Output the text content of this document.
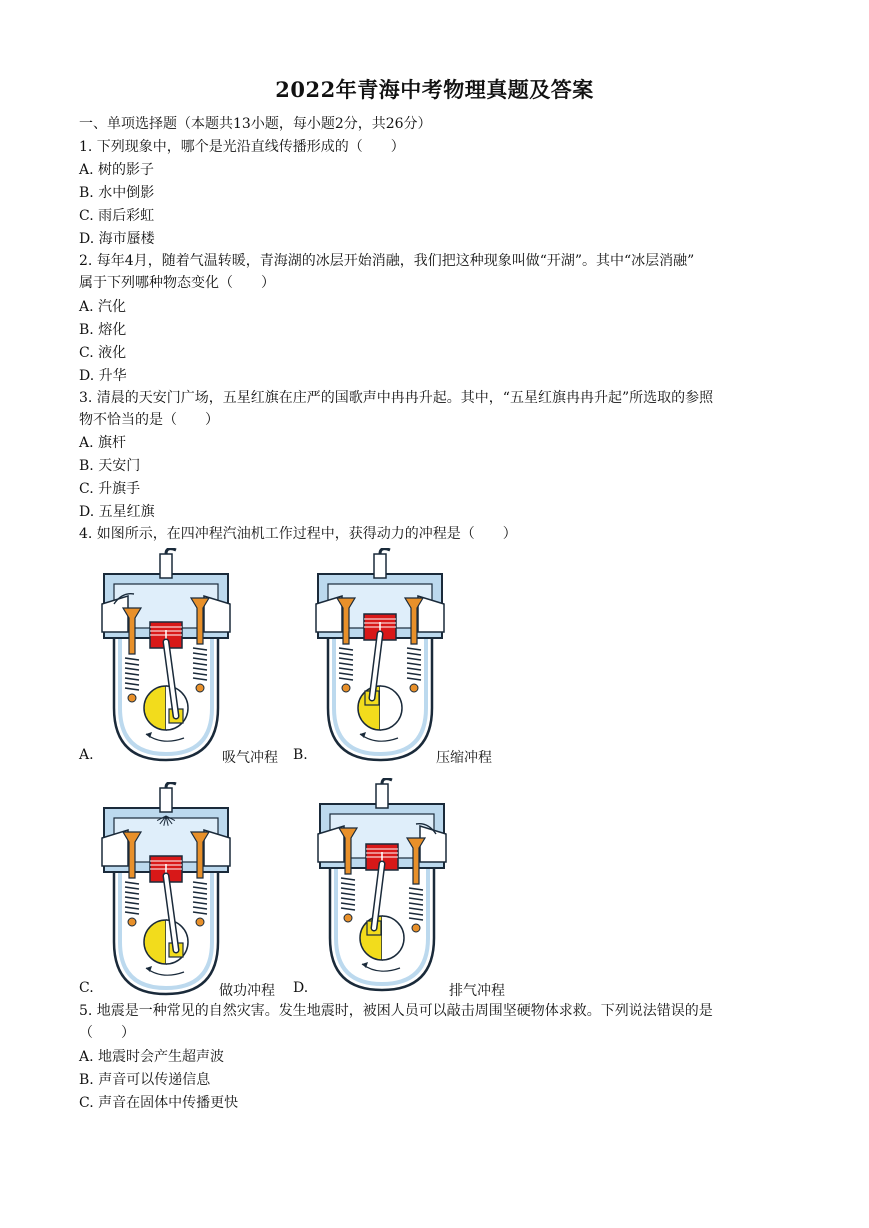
2022年青海中考物理真题及答案
一、单项选择题（本题共13小题，每小题2分，共26分）
1. 下列现象中，哪个是光沿直线传播形成的（　　）
A. 树的影子
B. 水中倒影
C. 雨后彩虹
D. 海市蜃楼
2. 每年4月，随着气温转暖，青海湖的冰层开始消融，我们把这种现象叫做“开湖”。其中“冰层消融”
属于下列哪种物态变化（　　）
A. 汽化
B. 熔化
C. 液化
D. 升华
3. 清晨的天安门广场，五星红旗在庄严的国歌声中冉冉升起。其中，“五星红旗冉冉升起”所选取的参照
物不恰当的是（　　）
A. 旗杆
B. 天安门
C. 升旗手
D. 五星红旗
4. 如图所示，在四冲程汽油机工作过程中，获得动力的冲程是（　　）
A.	吸气冲程 B.	压缩冲程
C.	做功冲程 D.	排气冲程
5. 地震是一种常见的自然灾害。发生地震时，被困人员可以敲击周围坚硬物体求救。下列说法错误的是
（　　）
A. 地震时会产生超声波
B. 声音可以传递信息
C. 声音在固体中传播更快
